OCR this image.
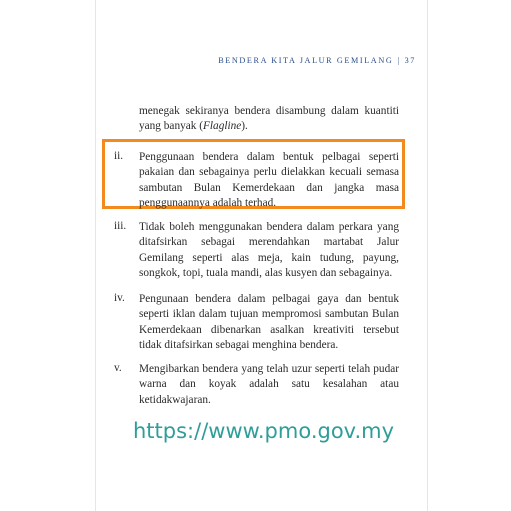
BENDERA KITA JALUR GEMILANG | 37

menegak sekiranya bendera disambung dalam kuantiti yang banyak (Flagline).

ii. Penggunaan bendera dalam bentuk pelbagai seperti pakaian dan sebagainya perlu dielakkan kecuali semasa sambutan Bulan Kemerdekaan dan jangka masa penggunaannya adalah terhad.

iii. Tidak boleh menggunakan bendera dalam perkara yang ditafsirkan sebagai merendahkan martabat Jalur Gemilang seperti alas meja, kain tudung, payung, songkok, topi, tuala mandi, alas kusyen dan sebagainya.

iv. Pengunaan bendera dalam pelbagai gaya dan bentuk seperti iklan dalam tujuan mempromosi sambutan Bulan Kemerdekaan dibenarkan asalkan kreativiti tersebut tidak ditafsirkan sebagai menghina bendera.

v. Mengibarkan bendera yang telah uzur seperti telah pudar warna dan koyak adalah satu kesalahan atau ketidakwajaran.

https://www.pmo.gov.my
